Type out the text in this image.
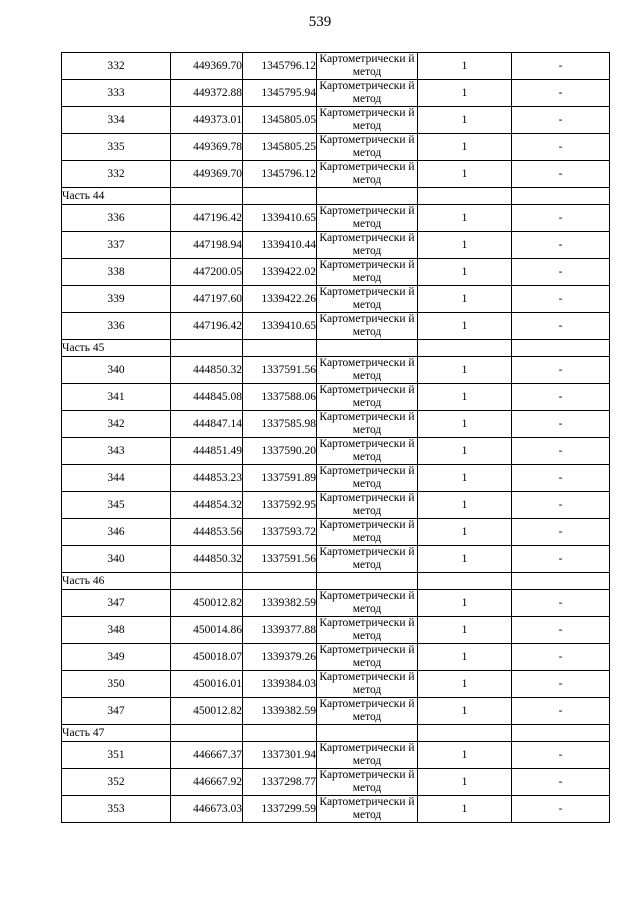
539
332	449369.70	1345796.12	Картометрически й метод	1	-
333	449372.88	1345795.94	Картометрически й метод	1	-
334	449373.01	1345805.05	Картометрически й метод	1	-
335	449369.78	1345805.25	Картометрически й метод	1	-
332	449369.70	1345796.12	Картометрически й метод	1	-
Часть 44					
336	447196.42	1339410.65	Картометрически й метод	1	-
337	447198.94	1339410.44	Картометрически й метод	1	-
338	447200.05	1339422.02	Картометрически й метод	1	-
339	447197.60	1339422.26	Картометрически й метод	1	-
336	447196.42	1339410.65	Картометрически й метод	1	-
Часть 45					
340	444850.32	1337591.56	Картометрически й метод	1	-
341	444845.08	1337588.06	Картометрически й метод	1	-
342	444847.14	1337585.98	Картометрически й метод	1	-
343	444851.49	1337590.20	Картометрически й метод	1	-
344	444853.23	1337591.89	Картометрически й метод	1	-
345	444854.32	1337592.95	Картометрически й метод	1	-
346	444853.56	1337593.72	Картометрически й метод	1	-
340	444850.32	1337591.56	Картометрически й метод	1	-
Часть 46					
347	450012.82	1339382.59	Картометрически й метод	1	-
348	450014.86	1339377.88	Картометрически й метод	1	-
349	450018.07	1339379.26	Картометрически й метод	1	-
350	450016.01	1339384.03	Картометрически й метод	1	-
347	450012.82	1339382.59	Картометрически й метод	1	-
Часть 47					
351	446667.37	1337301.94	Картометрически й метод	1	-
352	446667.92	1337298.77	Картометрически й метод	1	-
353	446673.03	1337299.59	Картометрически й метод	1	-
